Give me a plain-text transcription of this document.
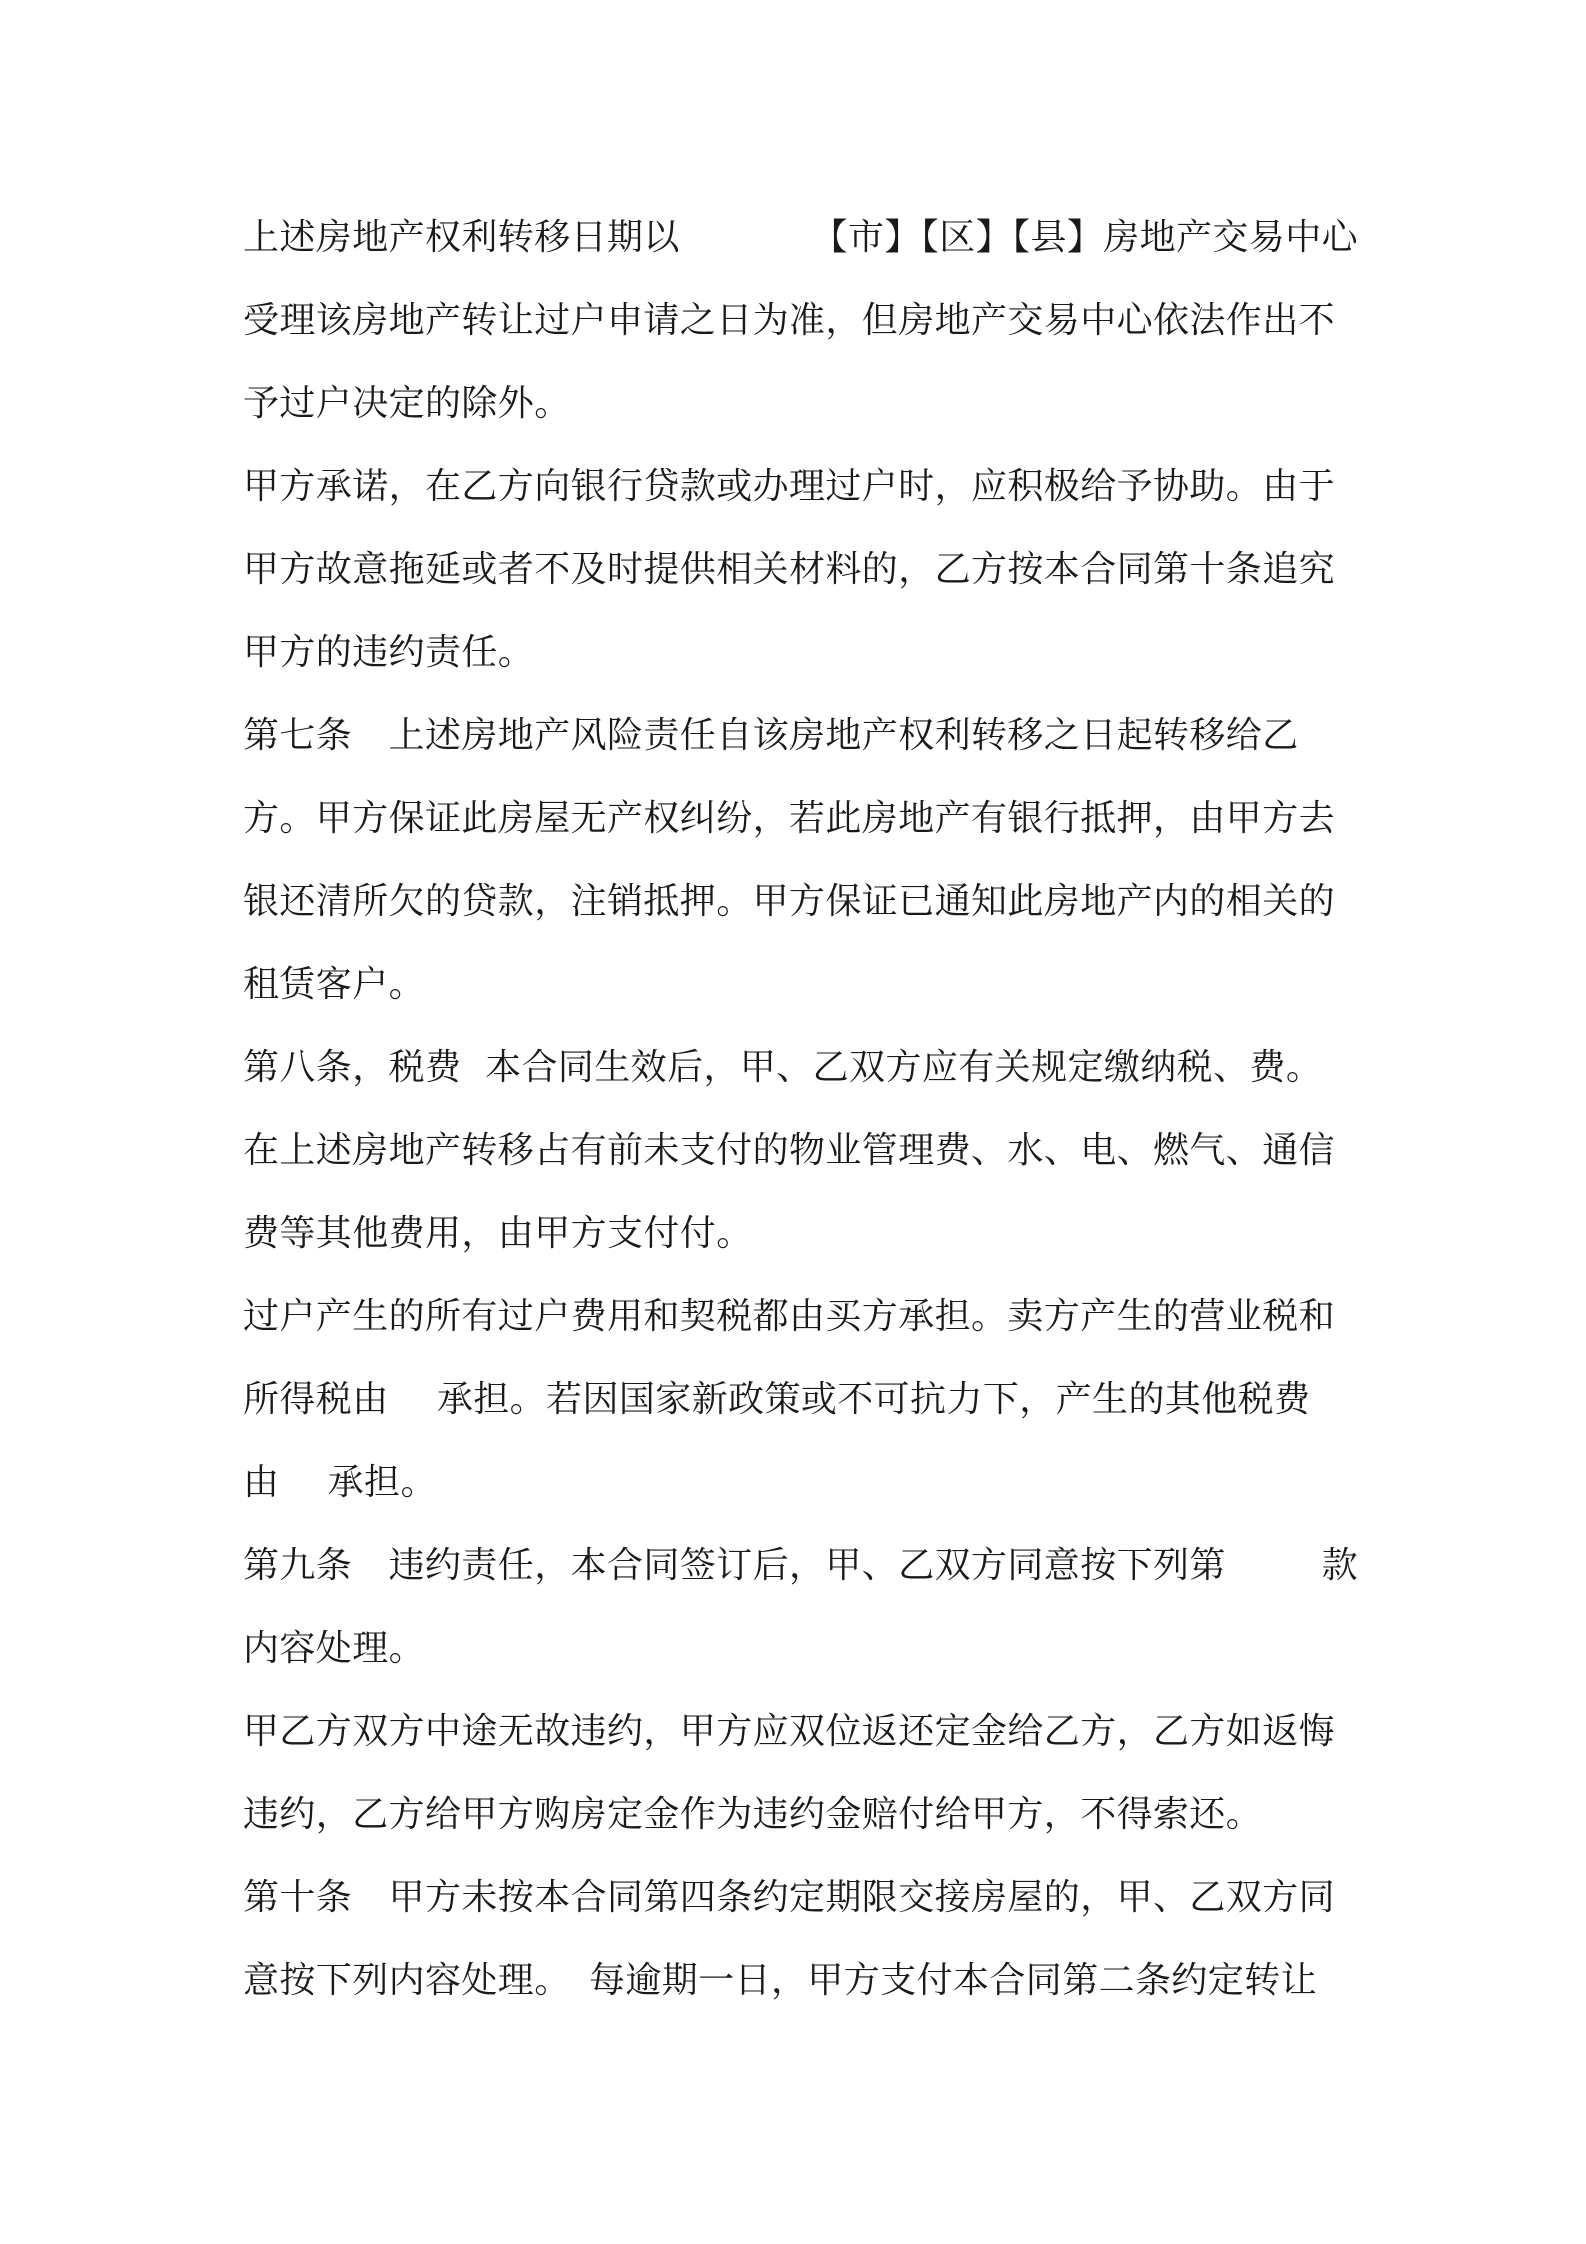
上述房地产权利转移日期以	【市】【区】【县】房地产交易中心
受理该房地产转让过户申请之日为准，但房地产交易中心依法作出不
予过户决定的除外。
甲方承诺，在乙方向银行贷款或办理过户时，应积极给予协助。由于
甲方故意拖延或者不及时提供相关材料的，乙方按本合同第十条追究
甲方的违约责任。
第七条　上述房地产风险责任自该房地产权利转移之日起转移给乙
方。甲方保证此房屋无产权纠纷，若此房地产有银行抵押，由甲方去
银还清所欠的贷款，注销抵押。甲方保证已通知此房地产内的相关的
租赁客户。
第八条，税费  本合同生效后，甲、乙双方应有关规定缴纳税、费。
在上述房地产转移占有前未支付的物业管理费、水、电、燃气、通信
费等其他费用，由甲方支付付。
过户产生的所有过户费用和契税都由买方承担。卖方产生的营业税和
所得税由　 承担。若因国家新政策或不可抗力下，产生的其他税费
由　 承担。
第九条　违约责任，本合同签订后，甲、乙双方同意按下列第	款
内容处理。
甲乙方双方中途无故违约，甲方应双位返还定金给乙方，乙方如返悔
违约，乙方给甲方购房定金作为违约金赔付给甲方，不得索还。
第十条　甲方未按本合同第四条约定期限交接房屋的，甲、乙双方同
意按下列内容处理。　每逾期一日，甲方支付本合同第二条约定转让
